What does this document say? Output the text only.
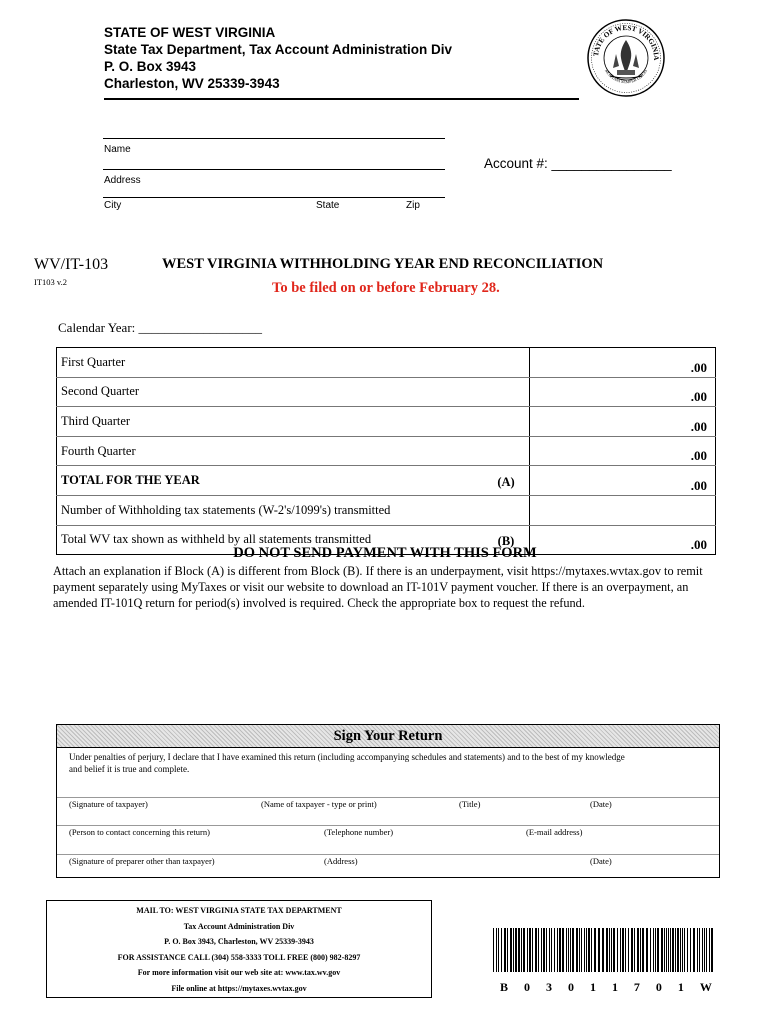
STATE OF WEST VIRGINIA
State Tax Department, Tax Account Administration Div
P. O. Box 3943
Charleston, WV 25339-3943
TATE OF WEST VIRGINIA
MONTANI SEMPER LIBERI
Name
Address
City	State	Zip
Account #: ________________
WV/IT-103
IT103 v.2
WEST VIRGINIA WITHHOLDING YEAR END RECONCILIATION
To be filed on or before February 28.
Calendar Year: ___________________
First Quarter		.00
Second Quarter		.00
Third Quarter		.00
Fourth Quarter		.00
TOTAL FOR THE YEAR	(A)	.00
Number of Withholding tax statements (W-2's/1099's) transmitted		
Total WV tax shown as withheld by all statements transmitted	(B)	.00
DO NOT SEND PAYMENT WITH THIS FORM
Attach an explanation if Block (A) is different from Block (B). If there is an underpayment, visit https://mytaxes.wvtax.gov to remit
payment separately using MyTaxes or visit our website to download an IT-101V payment voucher. If there is an overpayment, an
amended IT-101Q return for period(s) involved is required. Check the appropriate box to request the refund.
Sign Your Return
Under penalties of perjury, I declare that I have examined this return (including accompanying schedules and statements) and to the best of my knowledge
and belief it is true and complete.
(Signature of taxpayer)	(Name of taxpayer - type or print)	(Title)	(Date)
(Person to contact concerning this return)	(Telephone number)	(E-mail address)
(Signature of preparer other than taxpayer)	(Address)	(Date)
MAIL TO: WEST VIRGINIA STATE TAX DEPARTMENT
Tax Account Administration Div
P. O. Box 3943, Charleston, WV 25339-3943
FOR ASSISTANCE CALL (304) 558-3333 TOLL FREE (800) 982-8297
For more information visit our web site at: www.tax.wv.gov
File online at https://mytaxes.wvtax.gov	B 0 3 0 1 1 7 0 1 W
